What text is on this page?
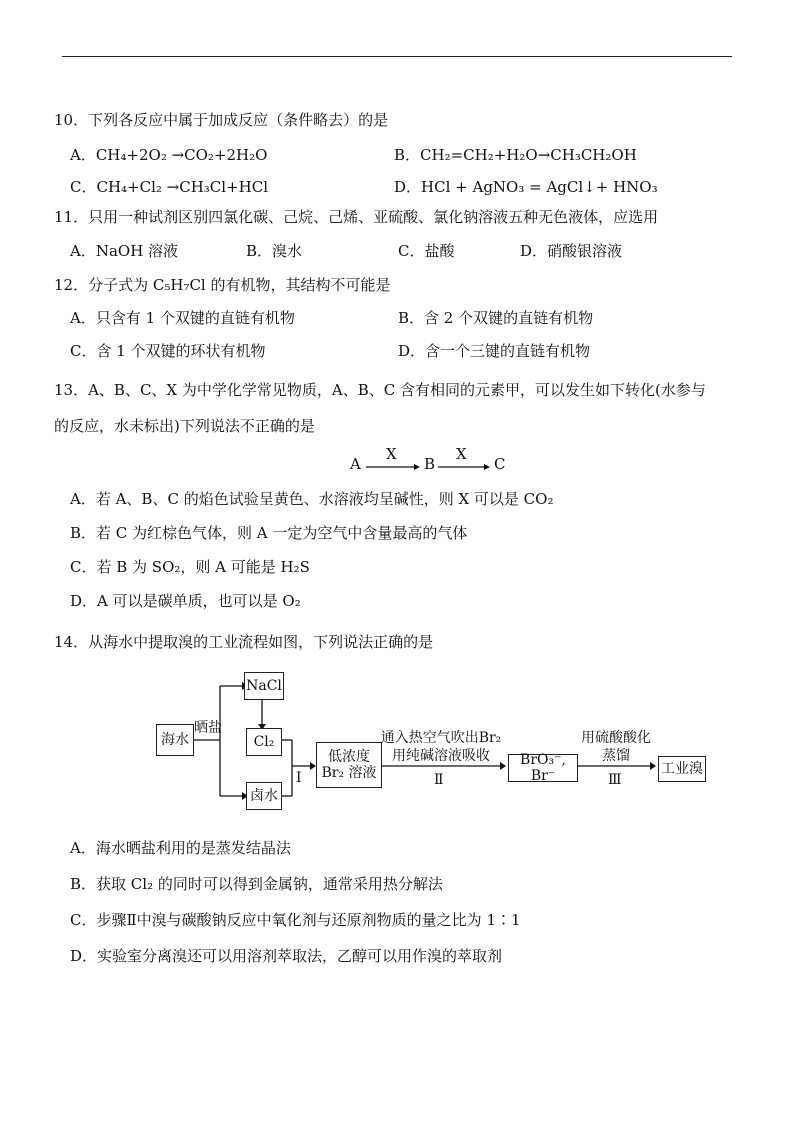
10．下列各反应中属于加成反应（条件略去）的是
A．CH₄+2O₂ →CO₂+2H₂O	B．CH₂=CH₂+H₂O→CH₃CH₂OH
C．CH₄+Cl₂ →CH₃Cl+HCl	D．HCl + AgNO₃ = AgCl↓+ HNO₃
11．只用一种试剂区别四氯化碳、己烷、己烯、亚硫酸、氯化钠溶液五种无色液体，应选用
A．NaOH 溶液	B．溴水	C．盐酸	D．硝酸银溶液
12．分子式为 C₅H₇Cl 的有机物，其结构不可能是
A．只含有 1 个双键的直链有机物	B．含 2 个双键的直链有机物
C．含 1 个双键的环状有机物	D．含一个三键的直链有机物
13．A、B、C、X 为中学化学常见物质，A、B、C 含有相同的元素甲，可以发生如下转化(水参与
的反应，水未标出)下列说法不正确的是
A
X
B
X
C
A．若 A、B、C 的焰色试验呈黄色、水溶液均呈碱性，则 X 可以是 CO₂
B．若 C 为红棕色气体，则 A 一定为空气中含量最高的气体
C．若 B 为 SO₂，则 A 可能是 H₂S
D．A 可以是碳单质，也可以是 O₂
14．从海水中提取溴的工业流程如图，下列说法正确的是
海水
晒盐
NaCl
Cl₂
卤水
Ⅰ
低浓度
Br₂ 溶液
通入热空气吹出Br₂
用纯碱溶液吸收
Ⅱ
BrO₃⁻, Br⁻
用硫酸酸化
蒸馏
Ⅲ
工业溴
A．海水晒盐利用的是蒸发结晶法
B．获取 Cl₂ 的同时可以得到金属钠，通常采用热分解法
C．步骤Ⅱ中溴与碳酸钠反应中氧化剂与还原剂物质的量之比为 1∶1
D．实验室分离溴还可以用溶剂萃取法，乙醇可以用作溴的萃取剂
